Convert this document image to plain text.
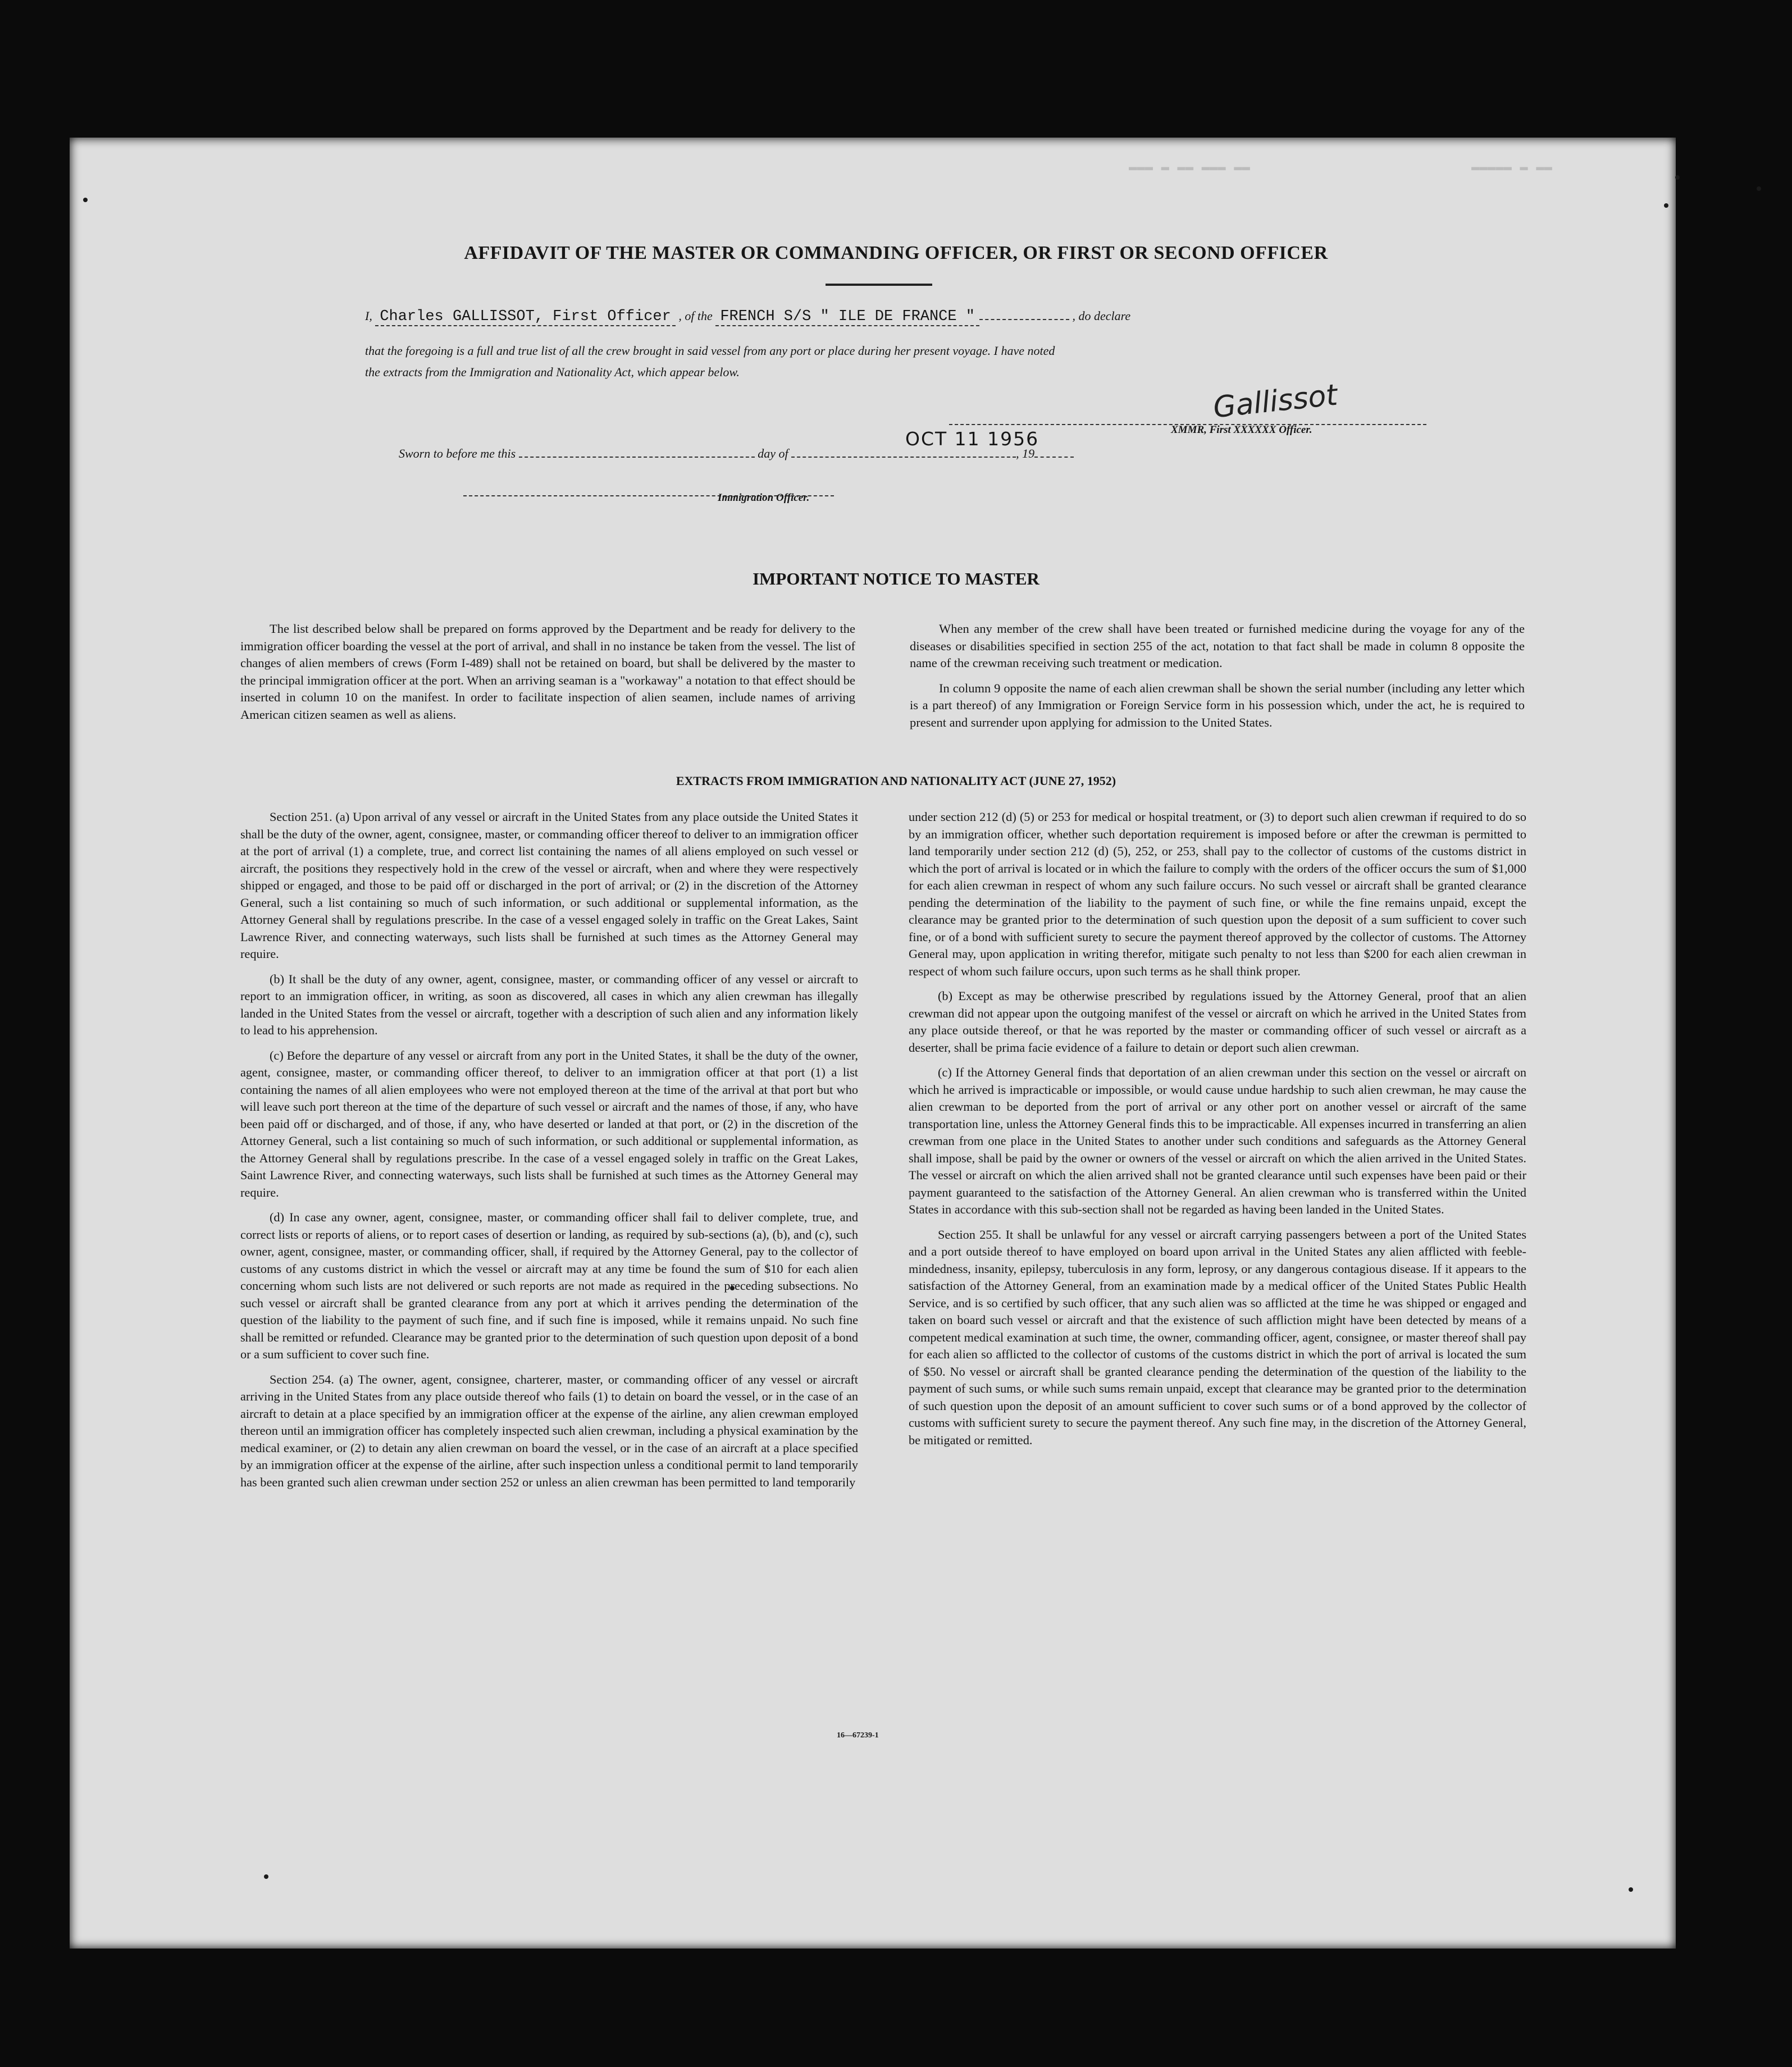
▬▬▬ ▬ ▬▬ ▬▬▬ ▬▬	▬▬▬▬▬ ▬ ▬▬
AFFIDAVIT OF THE MASTER OR COMMANDING OFFICER, OR FIRST OR SECOND OFFICER
I, Charles GALLISSOT, First Officer , of the FRENCH S/S " ILE DE FRANCE "	, do declare
that the foregoing is a full and true list of all the crew brought in said vessel from any port or place during her present voyage. I have noted
the extracts from the Immigration and Nationality Act, which appear below.
Gallissot
XMMR, First XXXXXX Officer.
Sworn to before me this	day of	, 19
OCT 11 1956
Immigration Officer.
IMPORTANT NOTICE TO MASTER

The list described below shall be prepared on forms approved by the Department and be ready for delivery to the immigration officer boarding the vessel at the port of arrival, and shall in no instance be taken from the vessel. The list of changes of alien members of crews (Form I-489) shall not be retained on board, but shall be delivered by the master to the principal immigration officer at the port. When an arriving seaman is a "workaway" a notation to that effect should be inserted in column 10 on the manifest. In order to facilitate inspection of alien seamen, include names of arriving American citizen seamen as well as aliens.

When any member of the crew shall have been treated or furnished medicine during the voyage for any of the diseases or disabilities specified in section 255 of the act, notation to that fact shall be made in column 8 opposite the name of the crewman receiving such treatment or medication.

In column 9 opposite the name of each alien crewman shall be shown the serial number (including any letter which is a part thereof) of any Immigration or Foreign Service form in his possession which, under the act, he is required to present and surrender upon applying for admission to the United States.

EXTRACTS FROM IMMIGRATION AND NATIONALITY ACT (JUNE 27, 1952)

Section 251. (a) Upon arrival of any vessel or aircraft in the United States from any place outside the United States it shall be the duty of the owner, agent, consignee, master, or commanding officer thereof to deliver to an immigration officer at the port of arrival (1) a complete, true, and correct list containing the names of all aliens employed on such vessel or aircraft, the positions they respectively hold in the crew of the vessel or aircraft, when and where they were respectively shipped or engaged, and those to be paid off or discharged in the port of arrival; or (2) in the discretion of the Attorney General, such a list containing so much of such information, or such additional or supplemental information, as the Attorney General shall by regulations prescribe. In the case of a vessel engaged solely in traffic on the Great Lakes, Saint Lawrence River, and connecting waterways, such lists shall be furnished at such times as the Attorney General may require.

(b) It shall be the duty of any owner, agent, consignee, master, or commanding officer of any vessel or aircraft to report to an immigration officer, in writing, as soon as discovered, all cases in which any alien crewman has illegally landed in the United States from the vessel or aircraft, together with a description of such alien and any information likely to lead to his apprehension.

(c) Before the departure of any vessel or aircraft from any port in the United States, it shall be the duty of the owner, agent, consignee, master, or commanding officer thereof, to deliver to an immigration officer at that port (1) a list containing the names of all alien employees who were not employed thereon at the time of the arrival at that port but who will leave such port thereon at the time of the departure of such vessel or aircraft and the names of those, if any, who have been paid off or discharged, and of those, if any, who have deserted or landed at that port, or (2) in the discretion of the Attorney General, such a list containing so much of such information, or such additional or supplemental information, as the Attorney General shall by regulations prescribe. In the case of a vessel engaged solely in traffic on the Great Lakes, Saint Lawrence River, and connecting waterways, such lists shall be furnished at such times as the Attorney General may require.

(d) In case any owner, agent, consignee, master, or commanding officer shall fail to deliver complete, true, and correct lists or reports of aliens, or to report cases of desertion or landing, as required by sub-sections (a), (b), and (c), such owner, agent, consignee, master, or commanding officer, shall, if required by the Attorney General, pay to the collector of customs of any customs district in which the vessel or aircraft may at any time be found the sum of $10 for each alien concerning whom such lists are not delivered or such reports are not made as required in the preceding subsections. No such vessel or aircraft shall be granted clearance from any port at which it arrives pending the determination of the question of the liability to the payment of such fine, and if such fine is imposed, while it remains unpaid. No such fine shall be remitted or refunded. Clearance may be granted prior to the determination of such question upon deposit of a bond or a sum sufficient to cover such fine.

Section 254. (a) The owner, agent, consignee, charterer, master, or commanding officer of any vessel or aircraft arriving in the United States from any place outside thereof who fails (1) to detain on board the vessel, or in the case of an aircraft to detain at a place specified by an immigration officer at the expense of the airline, any alien crewman employed thereon until an immigration officer has completely inspected such alien crewman, including a physical examination by the medical examiner, or (2) to detain any alien crewman on board the vessel, or in the case of an aircraft at a place specified by an immigration officer at the expense of the airline, after such inspection unless a conditional permit to land temporarily has been granted such alien crewman under section 252 or unless an alien crewman has been permitted to land temporarily

under section 212 (d) (5) or 253 for medical or hospital treatment, or (3) to deport such alien crewman if required to do so by an immigration officer, whether such deportation requirement is imposed before or after the crewman is permitted to land temporarily under section 212 (d) (5), 252, or 253, shall pay to the collector of customs of the customs district in which the port of arrival is located or in which the failure to comply with the orders of the officer occurs the sum of $1,000 for each alien crewman in respect of whom any such failure occurs. No such vessel or aircraft shall be granted clearance pending the determination of the liability to the payment of such fine, or while the fine remains unpaid, except the clearance may be granted prior to the determination of such question upon the deposit of a sum sufficient to cover such fine, or of a bond with sufficient surety to secure the payment thereof approved by the collector of customs. The Attorney General may, upon application in writing therefor, mitigate such penalty to not less than $200 for each alien crewman in respect of whom such failure occurs, upon such terms as he shall think proper.

(b) Except as may be otherwise prescribed by regulations issued by the Attorney General, proof that an alien crewman did not appear upon the outgoing manifest of the vessel or aircraft on which he arrived in the United States from any place outside thereof, or that he was reported by the master or commanding officer of such vessel or aircraft as a deserter, shall be prima facie evidence of a failure to detain or deport such alien crewman.

(c) If the Attorney General finds that deportation of an alien crewman under this section on the vessel or aircraft on which he arrived is impracticable or impossible, or would cause undue hardship to such alien crewman, he may cause the alien crewman to be deported from the port of arrival or any other port on another vessel or aircraft of the same transportation line, unless the Attorney General finds this to be impracticable. All expenses incurred in transferring an alien crewman from one place in the United States to another under such conditions and safeguards as the Attorney General shall impose, shall be paid by the owner or owners of the vessel or aircraft on which the alien arrived in the United States. The vessel or aircraft on which the alien arrived shall not be granted clearance until such expenses have been paid or their payment guaranteed to the satisfaction of the Attorney General. An alien crewman who is transferred within the United States in accordance with this sub-section shall not be regarded as having been landed in the United States.

Section 255. It shall be unlawful for any vessel or aircraft carrying passengers between a port of the United States and a port outside thereof to have employed on board upon arrival in the United States any alien afflicted with feeble-mindedness, insanity, epilepsy, tuberculosis in any form, leprosy, or any dangerous contagious disease. If it appears to the satisfaction of the Attorney General, from an examination made by a medical officer of the United States Public Health Service, and is so certified by such officer, that any such alien was so afflicted at the time he was shipped or engaged and taken on board such vessel or aircraft and that the existence of such affliction might have been detected by means of a competent medical examination at such time, the owner, commanding officer, agent, consignee, or master thereof shall pay for each alien so afflicted to the collector of customs of the customs district in which the port of arrival is located the sum of $50. No vessel or aircraft shall be granted clearance pending the determination of the question of the liability to the payment of such sums, or while such sums remain unpaid, except that clearance may be granted prior to the determination of such question upon the deposit of an amount sufficient to cover such sums or of a bond approved by the collector of customs with sufficient surety to secure the payment thereof. Any such fine may, in the discretion of the Attorney General, be mitigated or remitted.

16—67239-1
